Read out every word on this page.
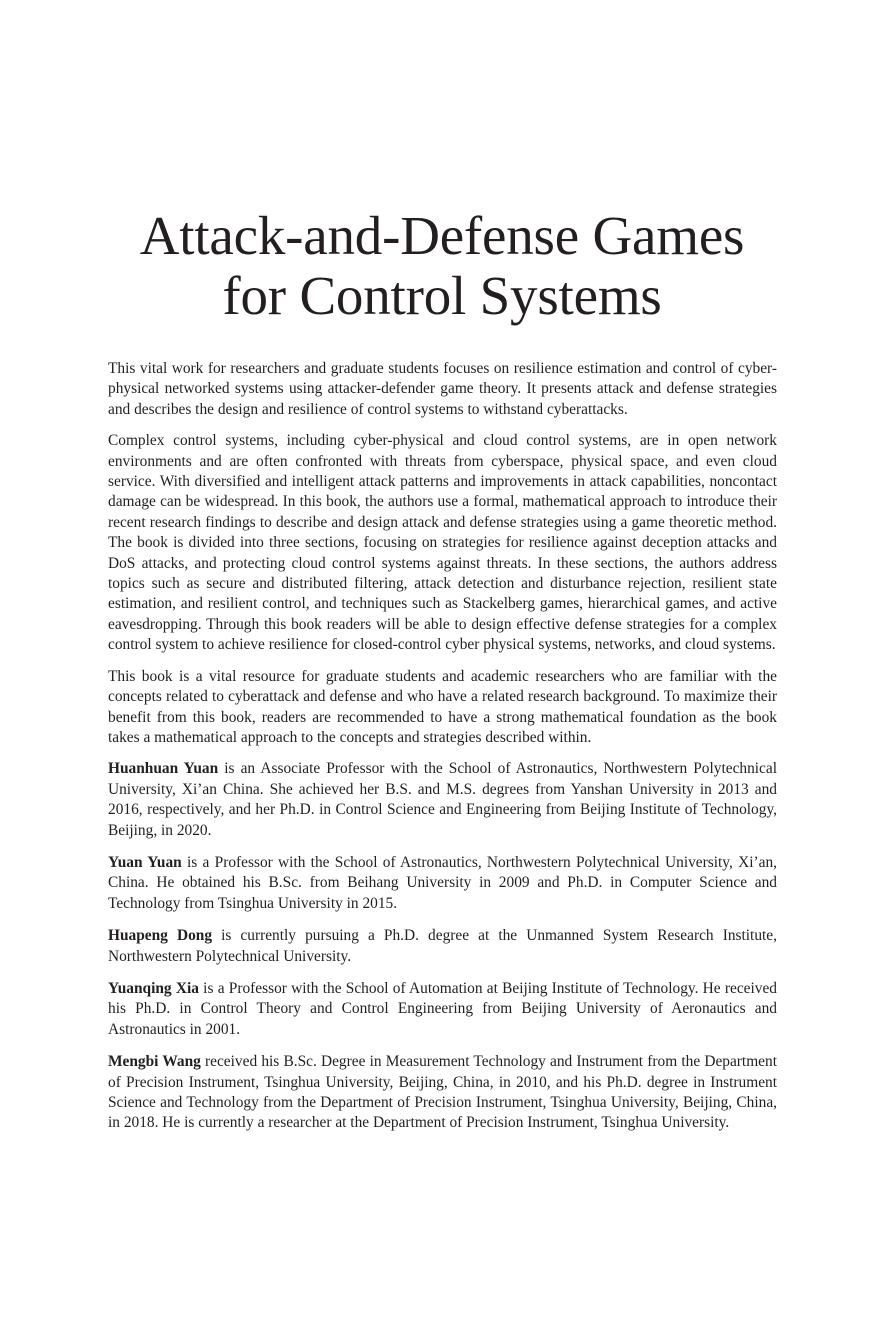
Attack-and-Defense Games
for Control Systems

This vital work for researchers and graduate students focuses on resilience estimation and control of cyber-physical networked systems using attacker-defender game theory. It presents attack and defense strategies and describes the design and resilience of control systems to withstand cyberattacks.

Complex control systems, including cyber-physical and cloud control systems, are in open network environments and are often confronted with threats from cyberspace, physical space, and even cloud service. With diversified and intelligent attack patterns and improvements in attack capabilities, noncontact damage can be widespread. In this book, the authors use a formal, mathematical approach to introduce their recent research findings to describe and design attack and defense strategies using a game theoretic method. The book is divided into three sections, focusing on strategies for resilience against deception attacks and DoS attacks, and protecting cloud control systems against threats. In these sections, the authors address topics such as secure and distributed filtering, attack detection and disturbance rejection, resilient state estimation, and resilient control, and techniques such as Stackelberg games, hierarchical games, and active eavesdropping. Through this book readers will be able to design effective defense strategies for a complex control system to achieve resilience for closed-control cyber physical systems, networks, and cloud systems.

This book is a vital resource for graduate students and academic researchers who are familiar with the concepts related to cyberattack and defense and who have a related research background. To maximize their benefit from this book, readers are recommended to have a strong mathematical foundation as the book takes a mathematical approach to the concepts and strategies described within.

Huanhuan Yuan is an Associate Professor with the School of Astronautics, Northwestern Polytechnical University, Xi’an China. She achieved her B.S. and M.S. degrees from Yanshan University in 2013 and 2016, respectively, and her Ph.D. in Control Science and Engineering from Beijing Institute of Technology, Beijing, in 2020.

Yuan Yuan is a Professor with the School of Astronautics, Northwestern Polytechnical University, Xi’an, China. He obtained his B.Sc. from Beihang University in 2009 and Ph.D. in Computer Science and Technology from Tsinghua University in 2015.

Huapeng Dong is currently pursuing a Ph.D. degree at the Unmanned System Research Institute, Northwestern Polytechnical University.

Yuanqing Xia is a Professor with the School of Automation at Beijing Institute of Technology. He received his Ph.D. in Control Theory and Control Engineering from Beijing University of Aeronautics and Astronautics in 2001.

Mengbi Wang received his B.Sc. Degree in Measurement Technology and Instrument from the Department of Precision Instrument, Tsinghua University, Beijing, China, in 2010, and his Ph.D. degree in Instrument Science and Technology from the Department of Precision Instrument, Tsinghua University, Beijing, China, in 2018. He is currently a researcher at the Department of Precision Instrument, Tsinghua University.
